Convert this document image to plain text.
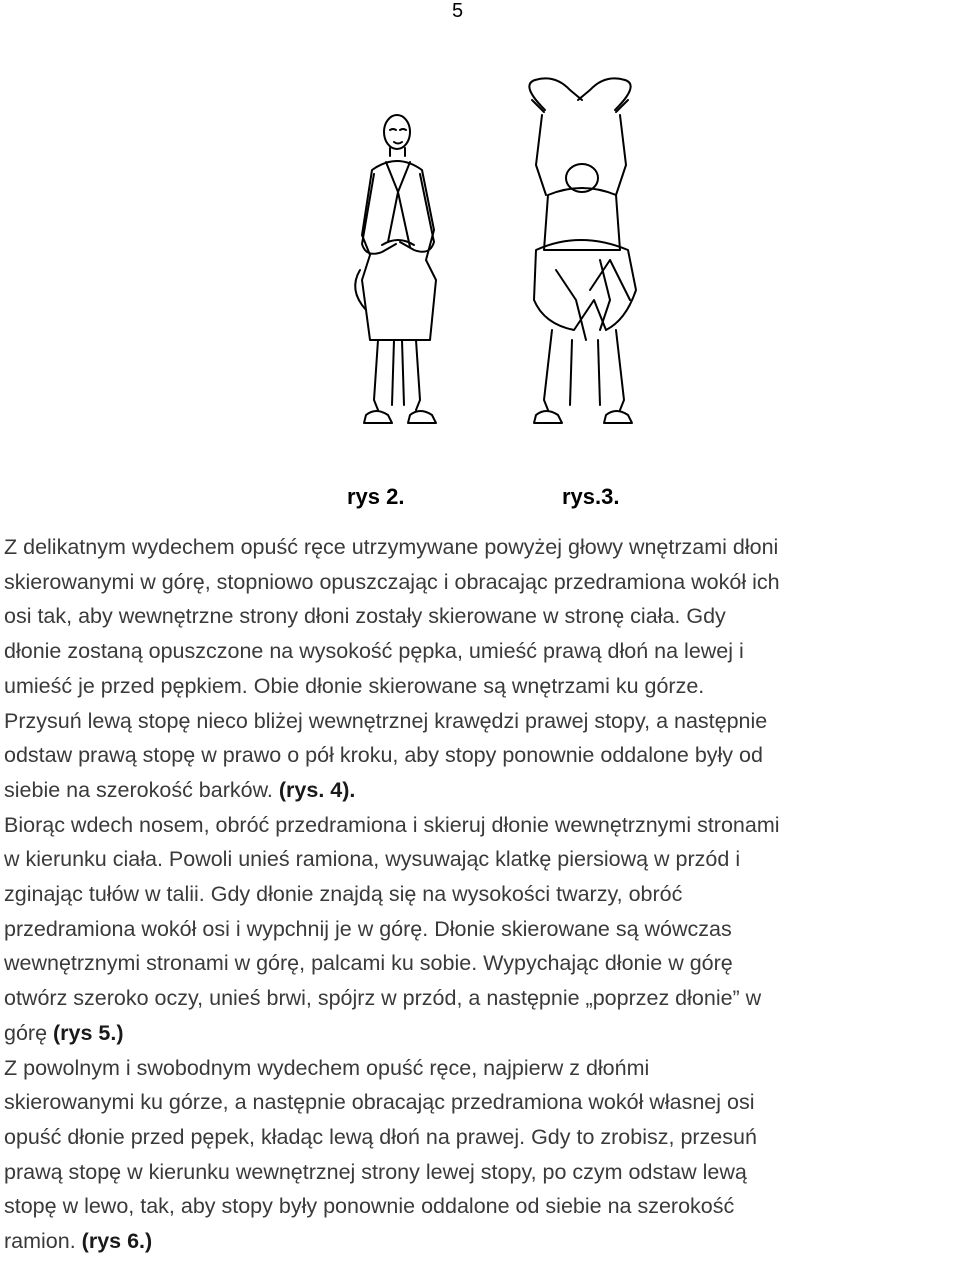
5
rys 2.	rys.3.
Z delikatnym wydechem opuść ręce utrzymywane powyżej głowy wnętrzami dłoni
skierowanymi w górę, stopniowo opuszczając i obracając przedramiona wokół ich
osi tak, aby wewnętrzne strony dłoni zostały skierowane w stronę ciała. Gdy
dłonie zostaną opuszczone na wysokość pępka, umieść prawą dłoń na lewej i
umieść je przed pępkiem. Obie dłonie skierowane są wnętrzami ku górze.
Przysuń lewą stopę nieco bliżej wewnętrznej krawędzi prawej stopy, a następnie
odstaw prawą stopę w prawo o pół kroku, aby stopy ponownie oddalone były od
siebie na szerokość barków. (rys. 4).
Biorąc wdech nosem, obróć przedramiona i skieruj dłonie wewnętrznymi stronami
w kierunku ciała. Powoli unieś ramiona, wysuwając klatkę piersiową w przód i
zginając tułów w talii. Gdy dłonie znajdą się na wysokości twarzy, obróć
przedramiona wokół osi i wypchnij je w górę. Dłonie skierowane są wówczas
wewnętrznymi stronami w górę, palcami ku sobie. Wypychając dłonie w górę
otwórz szeroko oczy, unieś brwi, spójrz w przód, a następnie „poprzez dłonie” w
górę (rys 5.)
Z powolnym i swobodnym wydechem opuść ręce, najpierw z dłońmi
skierowanymi ku górze, a następnie obracając przedramiona wokół własnej osi
opuść dłonie przed pępek, kładąc lewą dłoń na prawej. Gdy to zrobisz, przesuń
prawą stopę w kierunku wewnętrznej strony lewej stopy, po czym odstaw lewą
stopę w lewo, tak, aby stopy były ponownie oddalone od siebie na szerokość
ramion. (rys 6.)
